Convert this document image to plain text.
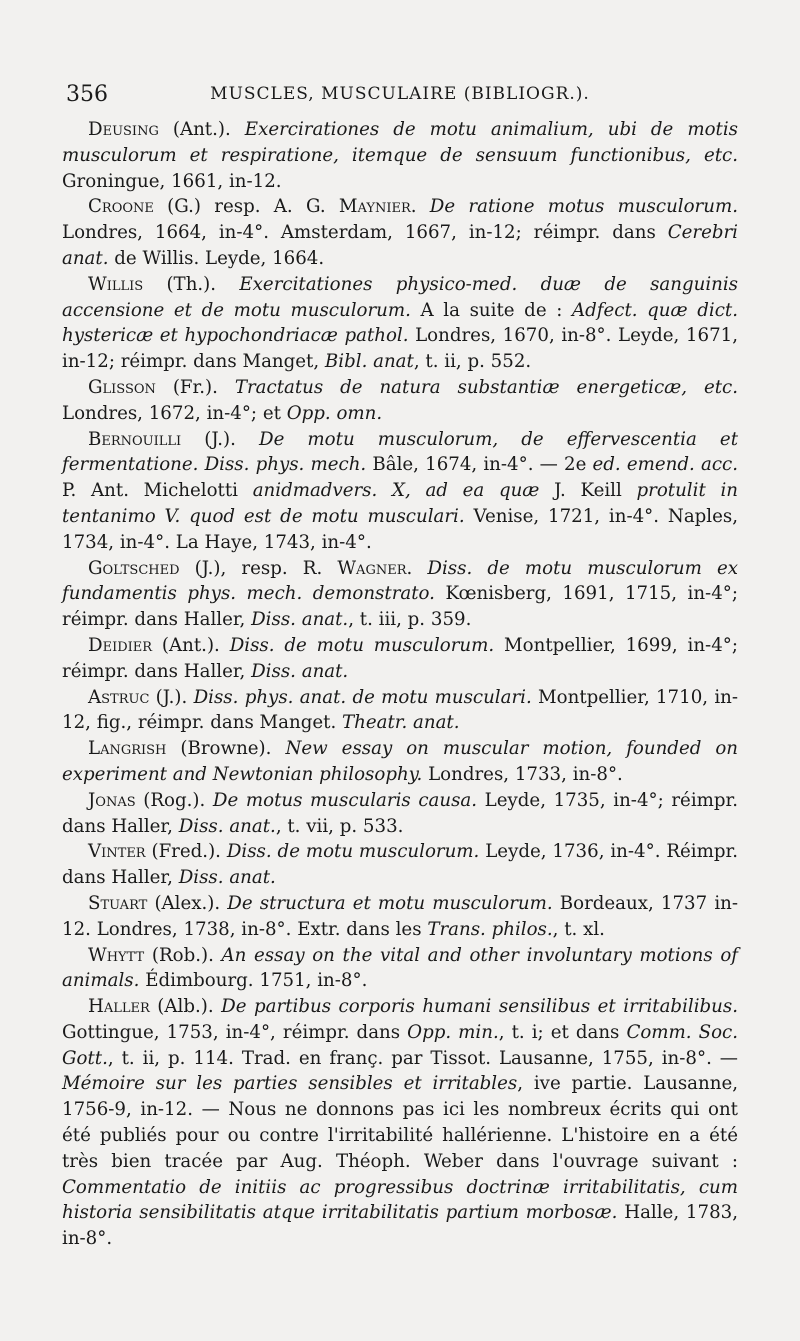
356	MUSCLES, MUSCULAIRE (BIBLIOGR.).

Deusing (Ant.). Exercirationes de motu animalium, ubi de motis musculorum et respiratione, itemque de sensuum functionibus, etc. Groningue, 1661, in-12.

Croone (G.) resp. A. G. Maynier. De ratione motus musculorum. Londres, 1664, in-4°. Amsterdam, 1667, in-12; réimpr. dans Cerebri anat. de Willis. Leyde, 1664.

Willis (Th.). Exercitationes physico-med. duæ de sanguinis accensione et de motu musculorum. A la suite de : Adfect. quæ dict. hystericæ et hypochondriacæ pathol. Londres, 1670, in-8°. Leyde, 1671, in-12; réimpr. dans Manget, Bibl. anat, t. ii, p. 552.

Glisson (Fr.). Tractatus de natura substantiæ energeticæ, etc. Londres, 1672, in-4°; et Opp. omn.

Bernouilli (J.). De motu musculorum, de effervescentia et fermentatione. Diss. phys. mech. Bâle, 1674, in-4°. — 2e ed. emend. acc. P. Ant. Michelotti anidmadvers. X, ad ea quæ J. Keill protulit in tentanimo V. quod est de motu musculari. Venise, 1721, in-4°. Naples, 1734, in-4°. La Haye, 1743, in-4°.

Goltsched (J.), resp. R. Wagner. Diss. de motu musculorum ex fundamentis phys. mech. demonstrato. Kœnisberg, 1691, 1715, in-4°; réimpr. dans Haller, Diss. anat., t. iii, p. 359.

Deidier (Ant.). Diss. de motu musculorum. Montpellier, 1699, in-4°; réimpr. dans Haller, Diss. anat.

Astruc (J.). Diss. phys. anat. de motu musculari. Montpellier, 1710, in-12, fig., réimpr. dans Manget. Theatr. anat.

Langrish (Browne). New essay on muscular motion, founded on experiment and Newtonian philosophy. Londres, 1733, in-8°.

Jonas (Rog.). De motus muscularis causa. Leyde, 1735, in-4°; réimpr. dans Haller, Diss. anat., t. vii, p. 533.

Vinter (Fred.). Diss. de motu musculorum. Leyde, 1736, in-4°. Réimpr. dans Haller, Diss. anat.

Stuart (Alex.). De structura et motu musculorum. Bordeaux, 1737 in-12. Londres, 1738, in-8°. Extr. dans les Trans. philos., t. xl.

Whytt (Rob.). An essay on the vital and other involuntary motions of animals. Édimbourg. 1751, in-8°.

Haller (Alb.). De partibus corporis humani sensilibus et irritabilibus. Gottingue, 1753, in-4°, réimpr. dans Opp. min., t. i; et dans Comm. Soc. Gott., t. ii, p. 114. Trad. en franç. par Tissot. Lausanne, 1755, in-8°. — Mémoire sur les parties sensibles et irritables, ive partie. Lausanne, 1756-9, in-12. — Nous ne donnons pas ici les nombreux écrits qui ont été publiés pour ou contre l'irritabilité hallérienne. L'histoire en a été très bien tracée par Aug. Théoph. Weber dans l'ouvrage suivant : Commentatio de initiis ac progressibus doctrinæ irritabilitatis, cum historia sensibilitatis atque irritabilitatis partium morbosæ. Halle, 1783, in-8°.
